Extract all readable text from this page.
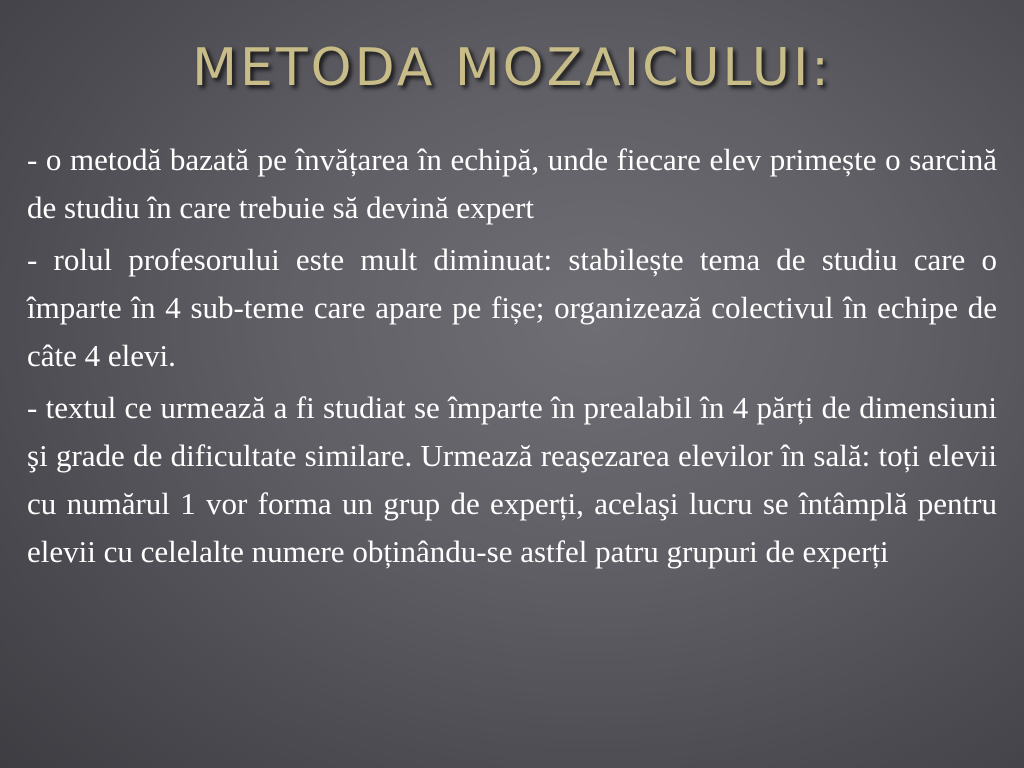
METODA MOZAICULUI:

- o metodă bazată pe învățarea în echipă, unde fiecare elev primește o sarcină de studiu în care trebuie să devină expert

- rolul profesorului este mult diminuat: stabilește tema de studiu care o împarte în 4 sub-teme care apare pe fișe; organizează colectivul în echipe de câte 4 elevi.

- textul ce urmează a fi studiat se împarte în prealabil în 4 părți de dimensiuni şi grade de dificultate similare. Urmează reaşezarea elevilor în sală: toți elevii cu numărul 1 vor forma un grup de experți, acelaşi lucru se întâmplă pentru elevii cu celelalte numere obținându-se astfel patru grupuri de experți
